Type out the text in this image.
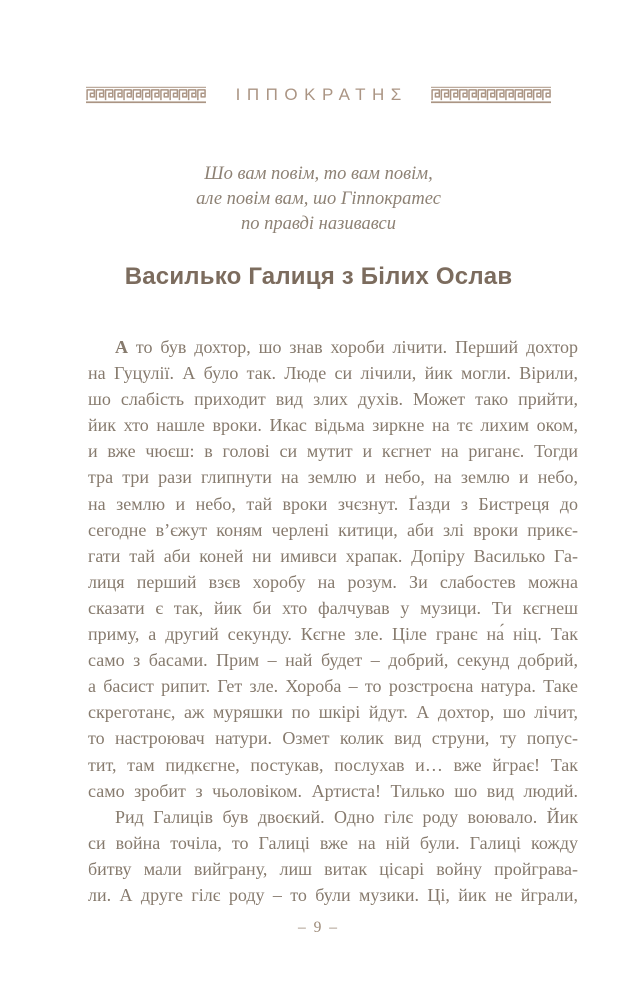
ΙΠΠΟΚΡΑΤΗΣ
Шо вам повім, то вам повім,
але повім вам, шо Гіппократес
по правді називавси
Василько Галиця з Білих Ослав
А то був дохтор, шо знав хороби лічити. Перший дохтор
на Гуцулії. А було так. Люде си лічили, йик могли. Вірили,
шо слабість приходит вид злих духів. Может тако прийти,
йик хто нашле вроки. Икас відьма зиркне на тє лихим оком,
и вже чюєш: в голові си мутит и кєгнет на риганє. Тогди
тра три рази глипнути на землю и небо, на землю и небо,
на землю и небо, тай вроки зчєзнут. Ґазди з Бистреця до
сегодне в’єжут коням черлені китици, аби злі вроки прикє-
гати тай аби коней ни имивси храпак. Допіру Василько Га-
лиця перший взєв хоробу на розум. Зи слабостев можна
сказати є так, йик би хто фалчував у музици. Ти кєгнеш
приму, а другий секунду. Кєгне зле. Ціле гранє на́ ніц. Так
само з басами. Прим – най будет – добрий, секунд добрий,
а басист рипит. Гет зле. Хороба – то розстроєна натура. Таке
скреготанє, аж муряшки по шкірі йдут. А дохтор, шо лічит,
то настроювач натури. Озмет колик вид струни, ту попус-
тит, там пидкєгне, постукав, послухав и… вже йграє! Так
само зробит з чьоловіком. Артиста! Тилько шо вид людий.
Рид Галиців був двоєкий. Одно гілє роду воювало. Йик
си война точіла, то Галиці вже на ній були. Галиці кожду
битву мали вийграну, лиш витак цісарі войну пройграва-
ли. А друге гілє роду – то були музики. Ці, йик не йграли,
– 9 –
